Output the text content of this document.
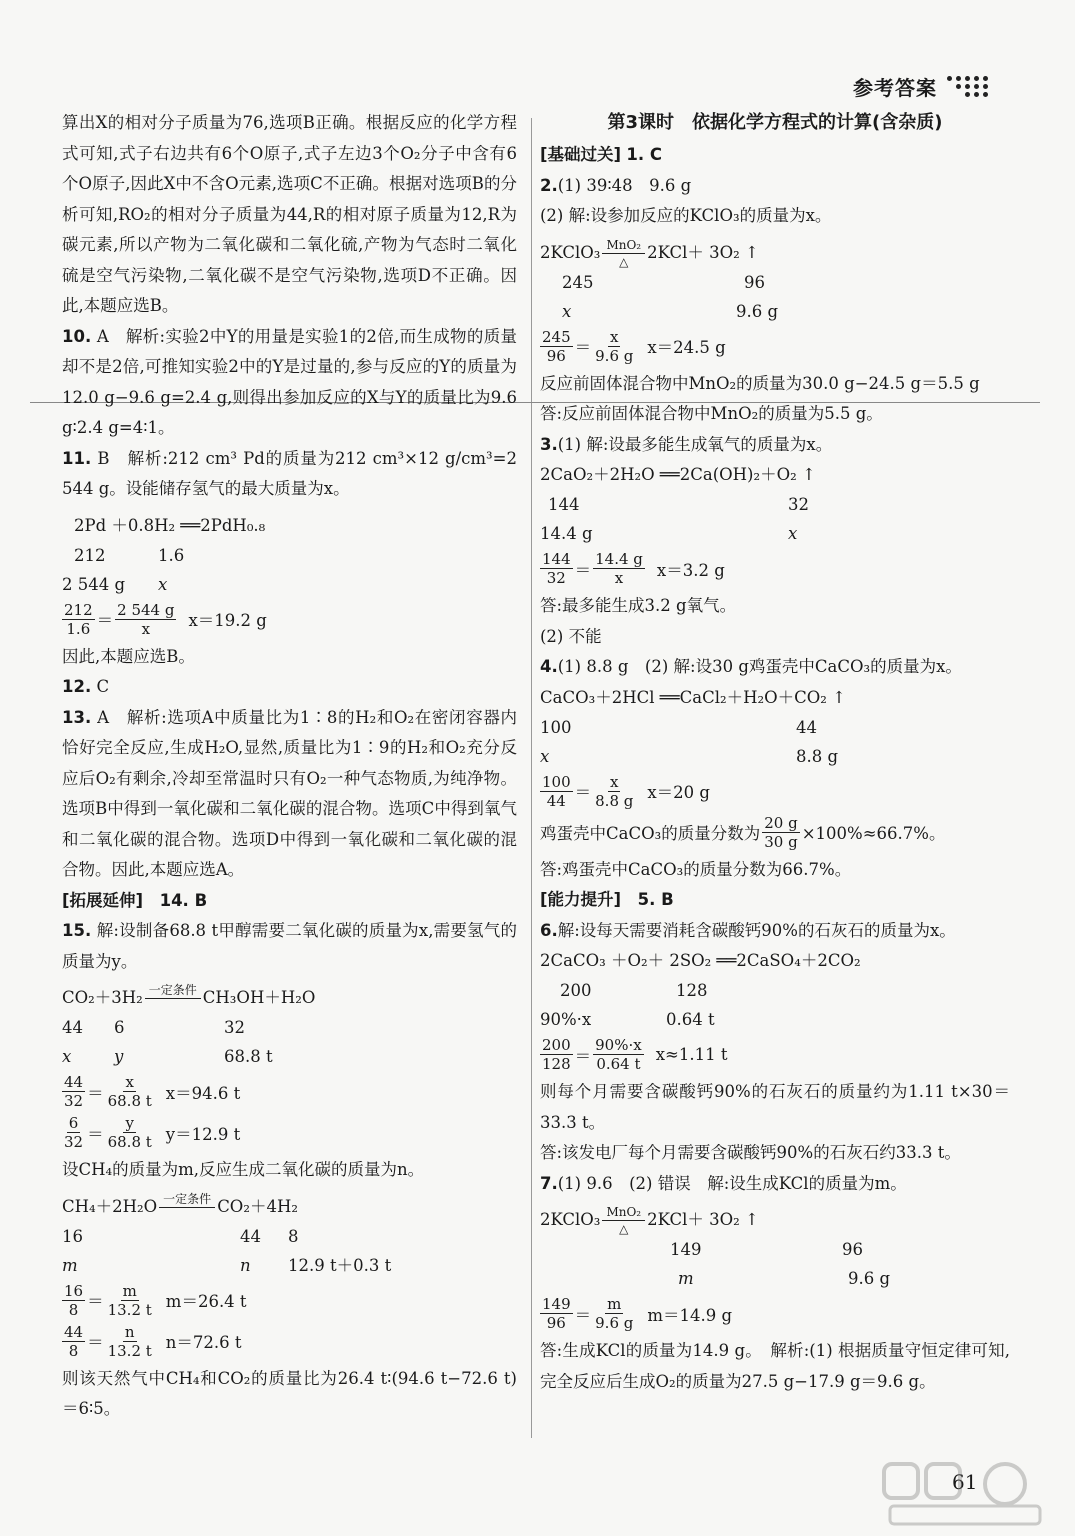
参考答案

算出X的相对分子质量为76,选项B正确。根据反应的化学方程式可知,式子右边共有6个O原子,式子左边3个O₂分子中含有6个O原子,因此X中不含O元素,选项C不正确。根据对选项B的分析可知,RO₂的相对分子质量为44,R的相对原子质量为12,R为碳元素,所以产物为二氧化碳和二氧化硫,产物为气态时二氧化硫是空气污染物,二氧化碳不是空气污染物,选项D不正确。因此,本题应选B。

10. A　解析:实验2中Y的用量是实验1的2倍,而生成物的质量却不是2倍,可推知实验2中的Y是过量的,参与反应的Y的质量为12.0 g−9.6 g=2.4 g,则得出参加反应的X与Y的质量比为9.6 g∶2.4 g=4∶1。

11. B　解析:212 cm³ Pd的质量为212 cm³×12 g/cm³=2 544 g。设能储存氢气的最大质量为x。

2Pd ＋0.8H₂ ══2PdH₀.₈
212	1.6
2 544 g	x
$\frac{212}{1.6} = \frac{2 544 g}{x} x=19.2$ g

因此,本题应选B。

12. C

13. A　解析:选项A中质量比为1∶8的H₂和O₂在密闭容器内恰好完全反应,生成H₂O,显然,质量比为1∶9的H₂和O₂充分反应后O₂有剩余,冷却至常温时只有O₂一种气态物质,为纯净物。选项B中得到一氧化碳和二氧化碳的混合物。选项C中得到氧气和二氧化碳的混合物。选项D中得到一氧化碳和二氧化碳的混合物。因此,本题应选A。

[拓展延伸]　 14. B

15. 解:设制备68.8 t甲醇需要二氧化碳的质量为x,需要氢气的质量为y。

CO₂＋3H₂ 一定条件
CH₃OH＋H₂O
44	6	32
x	y	68.8 t
$\frac{44}{32} = \frac{x}{68.8 t} x=94.6$ t
$\frac{6}{32} = \frac{y}{68.8 t} y=12.9$ t

设CH₄的质量为m,反应生成二氧化碳的质量为n。

CH₄＋2H₂O 一定条件
CO₂＋4H₂
16	44	8
m	n	12.9 t＋0.3 t
$\frac{16}{8} = \frac{m}{13.2 t} m=26.4$ t
$\frac{44}{8} = \frac{n}{13.2 t} n=72.6$ t

则该天然气中CH₄和CO₂的质量比为26.4 t∶(94.6 t−72.6 t)＝6∶5。

第3课时　依据化学方程式的计算(含杂质)

[基础过关] 1. C

2.(1) 39∶48　9.6 g

(2) 解:设参加反应的KClO₃的质量为x。

2KClO₃ MnO₂
△ 2KCl＋ 3O₂ ↑
245	96
x	9.6 g
$\frac{245}{96} = \frac{x}{9.6 g} x=24.5$ g

反应前固体混合物中MnO₂的质量为30.0 g−24.5 g＝5.5 g

答:反应前固体混合物中MnO₂的质量为5.5 g。

3.(1) 解:设最多能生成氧气的质量为x。

2CaO₂＋2H₂O ══2Ca(OH)₂＋O₂ ↑
144	32
14.4 g	x
$\frac{144}{32} = \frac{14.4 g}{x} x=3.2$ g

答:最多能生成3.2 g氧气。

(2) 不能

4.(1) 8.8 g　(2) 解:设30 g鸡蛋壳中CaCO₃的质量为x。

CaCO₃＋2HCl ══CaCl₂＋H₂O＋CO₂ ↑
100	44
x	8.8 g
$\frac{100}{44} = \frac{x}{8.8 g} x=20$ g
鸡蛋壳中CaCO₃的质量分数为 $\frac{20 g}{30 g} \times 100\%\approx 66.7\%$。

答:鸡蛋壳中CaCO₃的质量分数为66.7%。

[能力提升]　 5. B

6.解:设每天需要消耗含碳酸钙90%的石灰石的质量为x。

2CaCO₃ ＋O₂＋ 2SO₂ ══2CaSO₄＋2CO₂
200	128
90%·x	0.64 t
$\frac{200}{128} = \frac{90\%\cdot x}{0.64 t} x\approx 1.11$ t

则每个月需要含碳酸钙90%的石灰石的质量约为1.11 t×30＝33.3 t。

答:该发电厂每个月需要含碳酸钙90%的石灰石约33.3 t。

7.(1) 9.6　(2) 错误　解:设生成KCl的质量为m。

2KClO₃ MnO₂
△ 2KCl＋ 3O₂ ↑
149	96
m	9.6 g
$\frac{149}{96} = \frac{m}{9.6 g} m=14.9$ g

答:生成KCl的质量为14.9 g。　解析:(1) 根据质量守恒定律可知,完全反应后生成O₂的质量为27.5 g−17.9 g＝9.6 g。

61
